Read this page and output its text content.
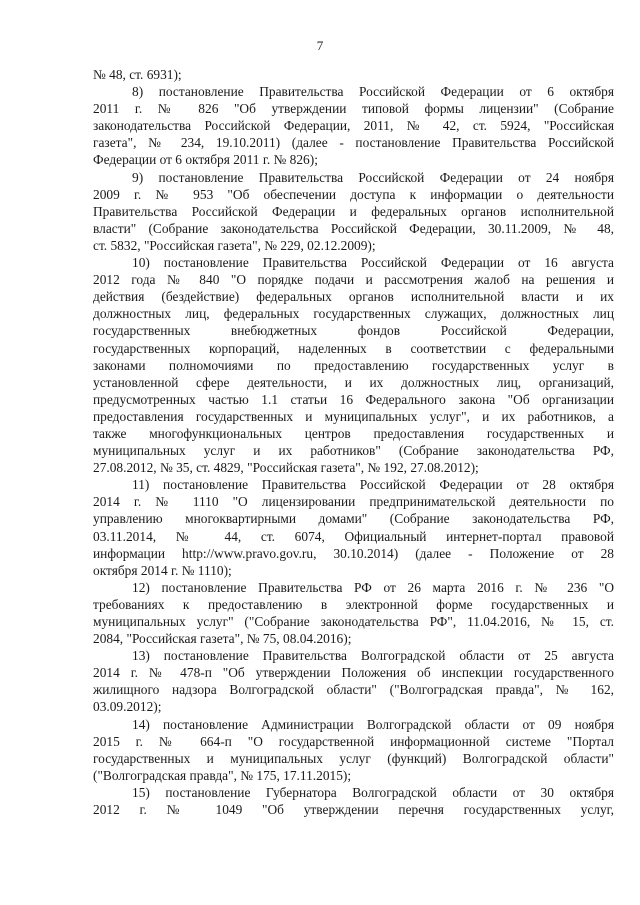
7
№ 48, ст. 6931);
8) постановление Правительства Российской Федерации от 6 октября
2011 г. № 826 "Об утверждении типовой формы лицензии" (Собрание
законодательства Российской Федерации, 2011, № 42, ст. 5924, "Российская
газета", № 234, 19.10.2011) (далее - постановление Правительства Российской
Федерации от 6 октября 2011 г. № 826);
9) постановление Правительства Российской Федерации от 24 ноября
2009 г. № 953 "Об обеспечении доступа к информации о деятельности
Правительства Российской Федерации и федеральных органов исполнительной
власти" (Собрание законодательства Российской Федерации, 30.11.2009, № 48,
ст. 5832, "Российская газета", № 229, 02.12.2009);
10) постановление Правительства Российской Федерации от 16 августа
2012 года № 840 "О порядке подачи и рассмотрения жалоб на решения и
действия (бездействие) федеральных органов исполнительной власти и их
должностных лиц, федеральных государственных служащих, должностных лиц
государственных внебюджетных фондов Российской Федерации,
государственных корпораций, наделенных в соответствии с федеральными
законами полномочиями по предоставлению государственных услуг в
установленной сфере деятельности, и их должностных лиц, организаций,
предусмотренных частью 1.1 статьи 16 Федерального закона "Об организации
предоставления государственных и муниципальных услуг", и их работников, а
также многофункциональных центров предоставления государственных и
муниципальных услуг и их работников" (Собрание законодательства РФ,
27.08.2012, № 35, ст. 4829, "Российская газета", № 192, 27.08.2012);
11) постановление Правительства Российской Федерации от 28 октября
2014 г. № 1110 "О лицензировании предпринимательской деятельности по
управлению многоквартирными домами" (Собрание законодательства РФ,
03.11.2014, № 44, ст. 6074, Официальный интернет-портал правовой
информации http://www.pravo.gov.ru, 30.10.2014) (далее - Положение от 28
октября 2014 г. № 1110);
12) постановление Правительства РФ от 26 марта 2016 г. № 236 "О
требованиях к предоставлению в электронной форме государственных и
муниципальных услуг" ("Собрание законодательства РФ", 11.04.2016, № 15, ст.
2084, "Российская газета", № 75, 08.04.2016);
13) постановление Правительства Волгоградской области от 25 августа
2014 г. № 478-п "Об утверждении Положения об инспекции государственного
жилищного надзора Волгоградской области" ("Волгоградская правда", № 162,
03.09.2012);
14) постановление Администрации Волгоградской области от 09 ноября
2015 г. № 664-п "О государственной информационной системе "Портал
государственных и муниципальных услуг (функций) Волгоградской области"
("Волгоградская правда", № 175, 17.11.2015);
15) постановление Губернатора Волгоградской области от 30 октября
2012 г. № 1049 "Об утверждении перечня государственных услуг,
